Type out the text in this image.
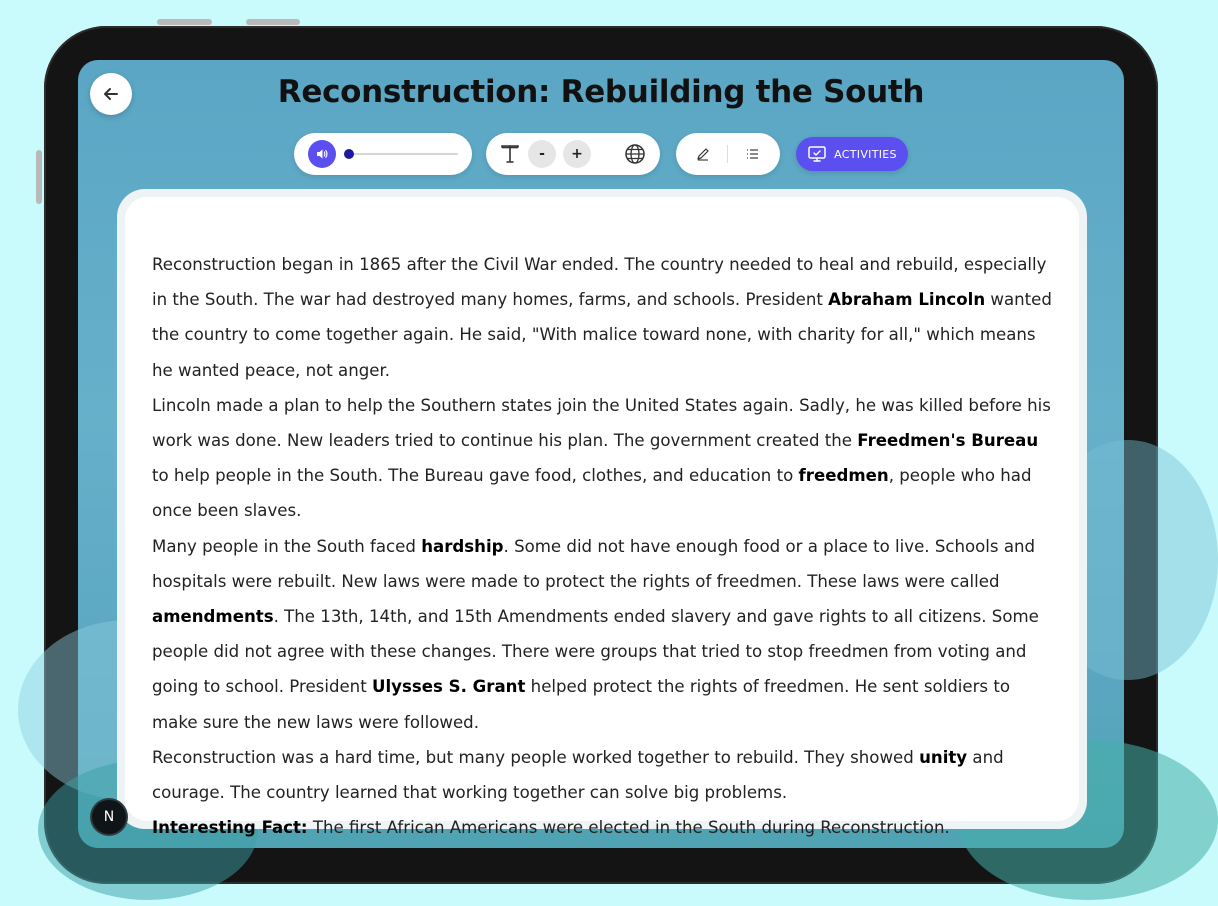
Reconstruction: Rebuilding the South
-	+	ACTIVITIES

Reconstruction began in 1865 after the Civil War ended. The country needed to heal and rebuild, especially in the South. The war had destroyed many homes, farms, and schools. President Abraham Lincoln wanted the country to come together again. He said, "With malice toward none, with charity for all," which means he wanted peace, not anger.

Lincoln made a plan to help the Southern states join the United States again. Sadly, he was killed before his work was done. New leaders tried to continue his plan. The government created the Freedmen's Bureau to help people in the South. The Bureau gave food, clothes, and education to freedmen, people who had once been slaves.

Many people in the South faced hardship. Some did not have enough food or a place to live. Schools and hospitals were rebuilt. New laws were made to protect the rights of freedmen. These laws were called amendments. The 13th, 14th, and 15th Amendments ended slavery and gave rights to all citizens. Some people did not agree with these changes. There were groups that tried to stop freedmen from voting and going to school. President Ulysses S. Grant helped protect the rights of freedmen. He sent soldiers to make sure the new laws were followed.

Reconstruction was a hard time, but many people worked together to rebuild. They showed unity and courage. The country learned that working together can solve big problems.

Interesting Fact: The first African Americans were elected in the South during Reconstruction.

N
